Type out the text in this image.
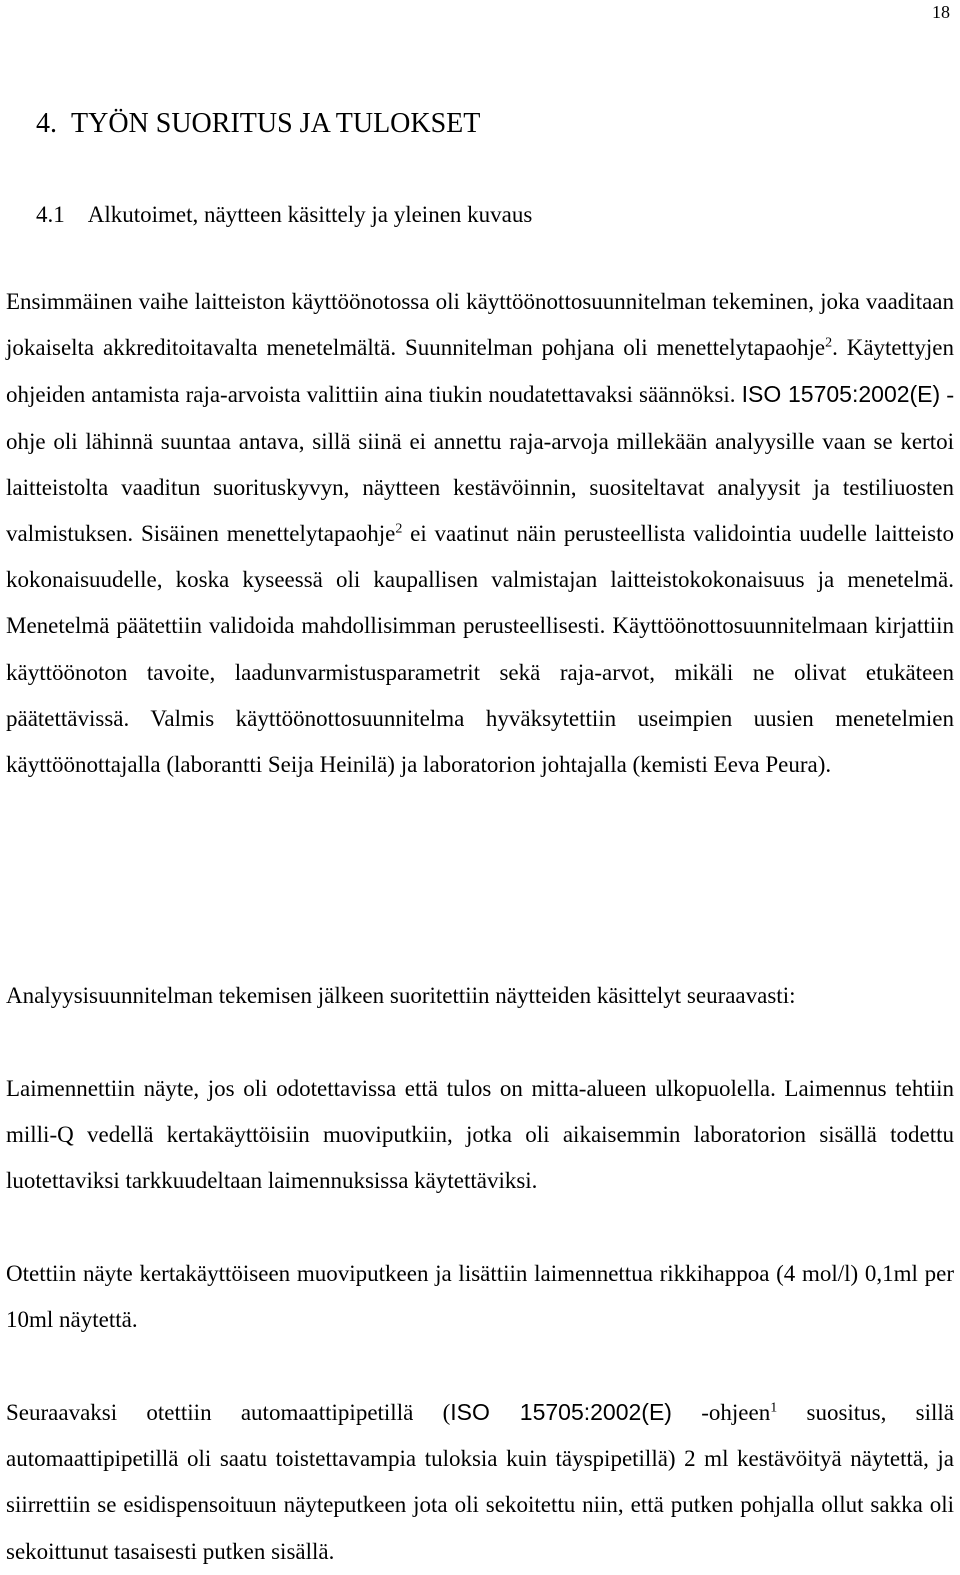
18
4. TYÖN SUORITUS JA TULOKSET
4.1 Alkutoimet, näytteen käsittely ja yleinen kuvaus

Ensimmäinen vaihe laitteiston käyttöönotossa oli käyttöönottosuunnitelman tekeminen, joka vaaditaan jokaiselta akkreditoitavalta menetelmältä. Suunnitelman pohjana oli menettelytapaohje$^2$. Käytettyjen ohjeiden antamista raja-arvoista valittiin aina tiukin noudatettavaksi säännöksi. ISO 15705:2002(E) -ohje oli lähinnä suuntaa antava, sillä siinä ei annettu raja-arvoja millekään analyysille vaan se kertoi laitteistolta vaaditun suorituskyvyn, näytteen kestävöinnin, suositeltavat analyysit ja testiliuosten valmistuksen. Sisäinen menettelytapaohje$^2$ ei vaatinut näin perusteellista validointia uudelle laitteisto kokonaisuudelle, koska kyseessä oli kaupallisen valmistajan laitteistokokonaisuus ja menetelmä. Menetelmä päätettiin validoida mahdollisimman perusteellisesti. Käyttöönottosuunnitelmaan kirjattiin käyttöönoton tavoite, laadunvarmistusparametrit sekä raja-arvot, mikäli ne olivat etukäteen päätettävissä. Valmis käyttöönottosuunnitelma hyväksytettiin useimpien uusien menetelmien käyttöönottajalla (laborantti Seija Heinilä) ja laboratorion johtajalla (kemisti Eeva Peura).

Analyysisuunnitelman tekemisen jälkeen suoritettiin näytteiden käsittelyt seuraavasti:

Laimennettiin näyte, jos oli odotettavissa että tulos on mitta-alueen ulkopuolella. Laimennus tehtiin milli-Q vedellä kertakäyttöisiin muoviputkiin, jotka oli aikaisemmin laboratorion sisällä todettu luotettaviksi tarkkuudeltaan laimennuksissa käytettäviksi.

Otettiin näyte kertakäyttöiseen muoviputkeen ja lisättiin laimennettua rikkihappoa (4 mol/l) 0,1ml per 10ml näytettä.

Seuraavaksi otettiin automaattipipetillä (ISO 15705:2002(E) -ohjeen$^1$ suositus, sillä automaattipipetillä oli saatu toistettavampia tuloksia kuin täyspipetillä) 2 ml kestävöityä näytettä, ja siirrettiin se esidispensoituun näyteputkeen jota oli sekoitettu niin, että putken pohjalla ollut sakka oli sekoittunut tasaisesti putken sisällä.
